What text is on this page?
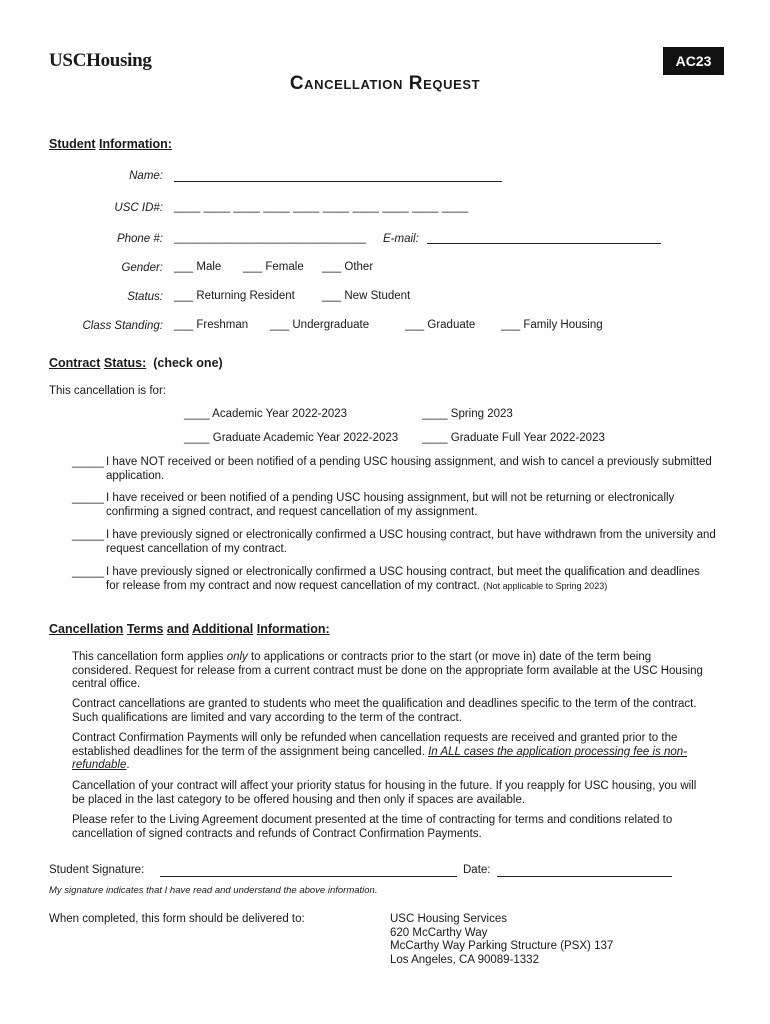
USCHousing	AC23
Cancellation Request
Student Information:
Name:
USC ID#: ____ ____ ____ ____ ____ ____ ____ ____ ____ ____
Phone #: ______________________________ E-mail:
Gender: ___ Male ___ Female ___ Other
Status: ___ Returning Resident ___ New Student
Class Standing: ___ Freshman ___ Undergraduate	___ Graduate ___ Family Housing
Contract Status: (check one)
This cancellation is for:
____ Academic Year 2022-2023	____ Spring 2023
____ Graduate Academic Year 2022-2023 ____ Graduate Full Year 2022-2023
_____ I have NOT received or been notified of a pending USC housing assignment, and wish to cancel a previously submitted application.
_____ I have received or been notified of a pending USC housing assignment, but will not be returning or electronically confirming a signed contract, and request cancellation of my assignment.
_____ I have previously signed or electronically confirmed a USC housing contract, but have withdrawn from the university and request cancellation of my contract.
_____ I have previously signed or electronically confirmed a USC housing contract, but meet the qualification and deadlines for release from my contract and now request cancellation of my contract. (Not applicable to Spring 2023)
Cancellation Terms and Additional Information:
This cancellation form applies only to applications or contracts prior to the start (or move in) date of the term being considered. Request for release from a current contract must be done on the appropriate form available at the USC Housing central office.
Contract cancellations are granted to students who meet the qualification and deadlines specific to the term of the contract. Such qualifications are limited and vary according to the term of the contract.
Contract Confirmation Payments will only be refunded when cancellation requests are received and granted prior to the established deadlines for the term of the assignment being cancelled. In ALL cases the application processing fee is non-refundable.
Cancellation of your contract will affect your priority status for housing in the future. If you reapply for USC housing, you will be placed in the last category to be offered housing and then only if spaces are available.
Please refer to the Living Agreement document presented at the time of contracting for terms and conditions related to cancellation of signed contracts and refunds of Contract Confirmation Payments.
Student Signature:	Date:
My signature indicates that I have read and understand the above information.
When completed, this form should be delivered to:	USC Housing Services
620 McCarthy Way
McCarthy Way Parking Structure (PSX) 137
Los Angeles, CA 90089-1332
